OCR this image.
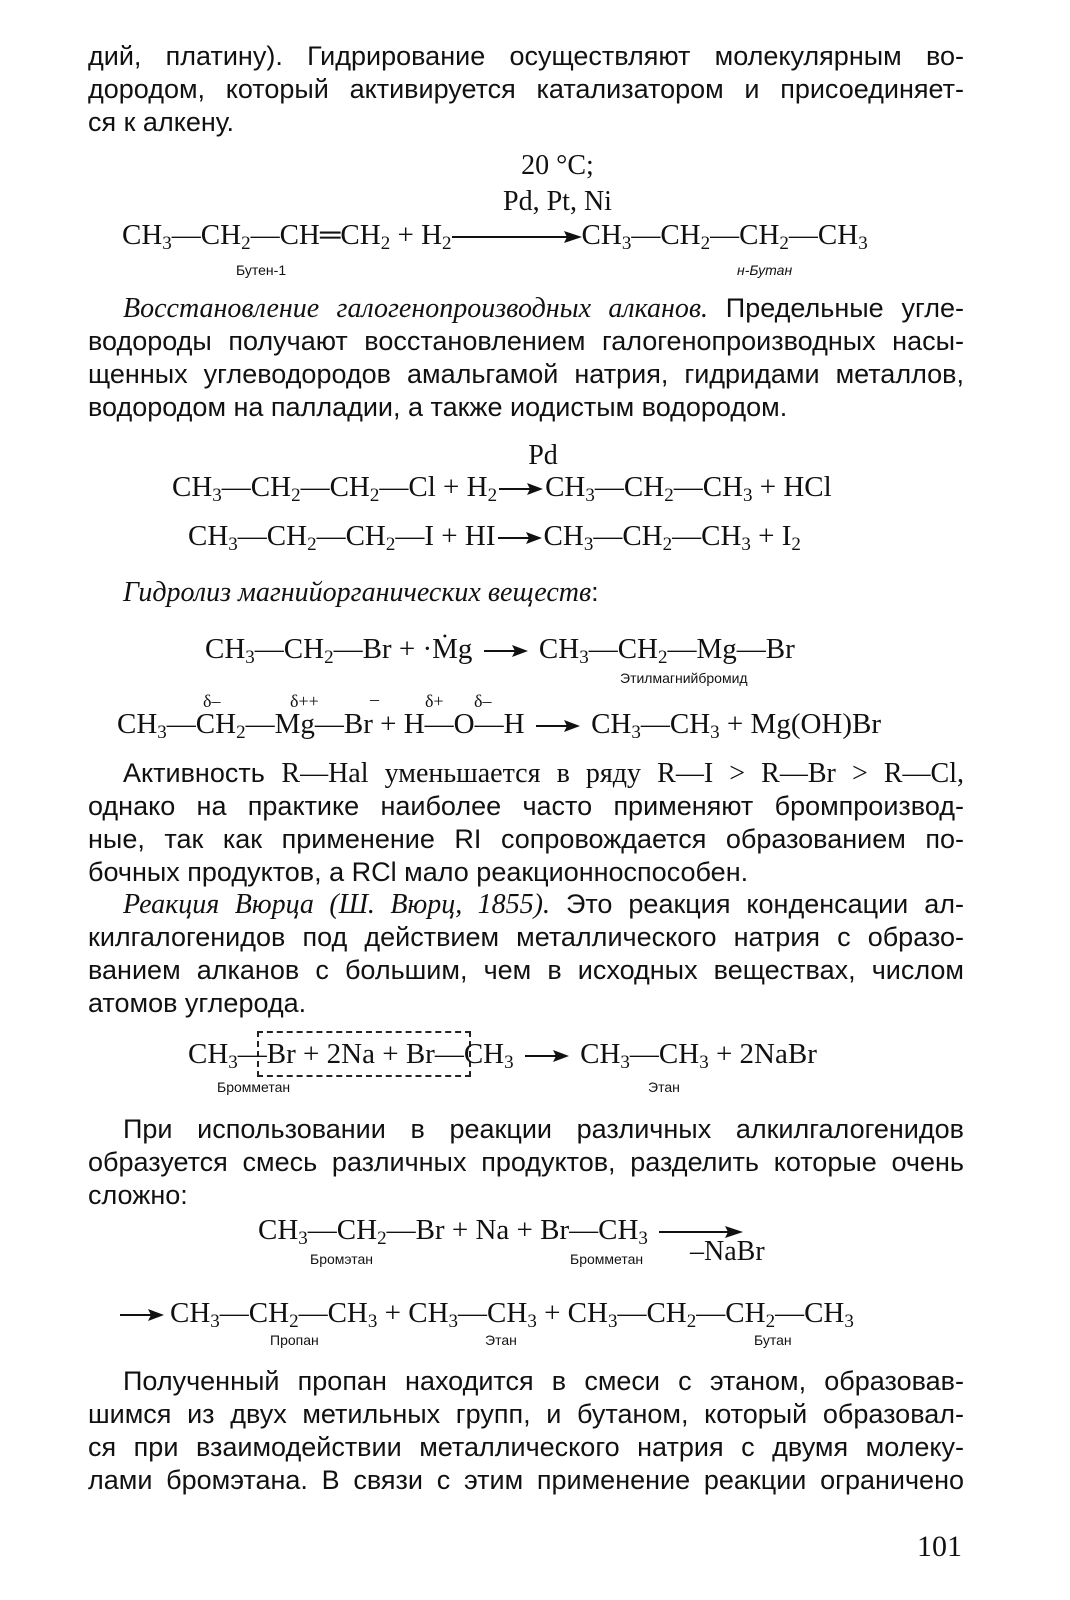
дий, платину). Гидрирование осуществляют молекулярным во-
дородом, который активируется катализатором и присоединяет-
ся к алкену.
20 °C;
Pd, Pt, Ni
$CH_3—CH_2—CH═CH_2 + H_2$	$CH_3—CH_2—CH_2—CH_3$
Бутен-1	н-Бутан
Восстановление галогенопроизводных алканов. Предельные угле-
водороды получают восстановлением галогенопроизводных насы-
щенных углеводородов амальгамой натрия, гидридами металлов,
водородом на палладии, а также иодистым водородом.
Pd
$CH_3—CH_2—CH_2—Cl$ + $H_2\to CH_3—CH_2—CH_3$ + HCl
$CH_3—CH_2—CH_2—I$ + $HI\to CH_3—CH_2—CH_3 + I_2$
Гидролиз магнийорганических веществ:
$CH_3—CH_2—Br$ + ·Ṁg → $CH_3—CH_2—Mg—Br$
Этилмагнийбромид
δ–	δ++	–	δ+ δ–
$CH_3—CH_2—Mg—Br$ + H—O—H → $CH_3—CH_3 + Mg(OH)Br$
Активность R—Hal уменьшается в ряду R—I > R—Br > R—Cl,
однако на практике наиболее часто применяют бромпроизвод-
ные, так как применение RI сопровождается образованием по-
бочных продуктов, а RCl мало реакционноспособен.
Реакция Вюрца (Ш. Вюрц, 1855). Это реакция конденсации ал-
килгалогенидов под действием металлического натрия с образо-
ванием алканов с большим, чем в исходных веществах, числом
атомов углерода.
$CH_3—Br + 2Na$ + $Br—CH_3$ → $CH_3—CH_3$ + 2NaBr
Бромметан	Этан
При использовании в реакции различных алкилгалогенидов
образуется смесь различных продуктов, разделить которые очень
сложно:
$CH_3—CH_2—Br + Na$ + $Br—CH_3$ →
Бромэтан	Бромметан –NaBr
$\to CH_3—CH_2—CH_3$ + $CH_3—CH_3$ + $CH_3—CH_2—CH_2—CH_3$
Пропан	Этан	Бутан
Полученный пропан находится в смеси с этаном, образовав-
шимся из двух метильных групп, и бутаном, который образовал-
ся при взаимодействии металлического натрия с двумя молеку-
лами бромэтана. В связи с этим применение реакции ограничено
101
